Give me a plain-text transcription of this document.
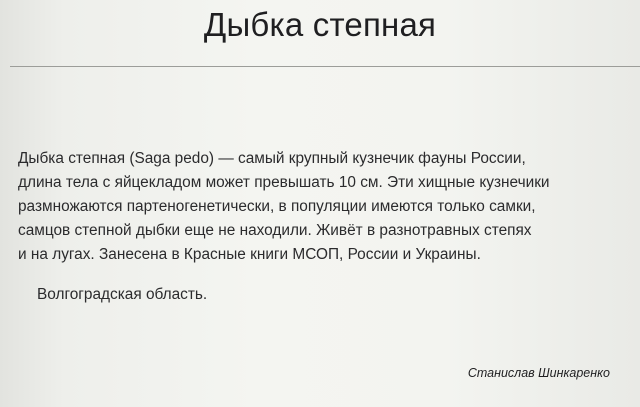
Дыбка степная
Дыбка степная (Saga pedo) — самый крупный кузнечик фауны России,
длина тела с яйцекладом может превышать 10 см. Эти хищные кузнечики
размножаются партеногенетически, в популяции имеются только самки,
самцов степной дыбки еще не находили. Живёт в разнотравных степях
и на лугах. Занесена в Красные книги МСОП, России и Украины.
Волгоградская область.
Станислав Шинкаренко
